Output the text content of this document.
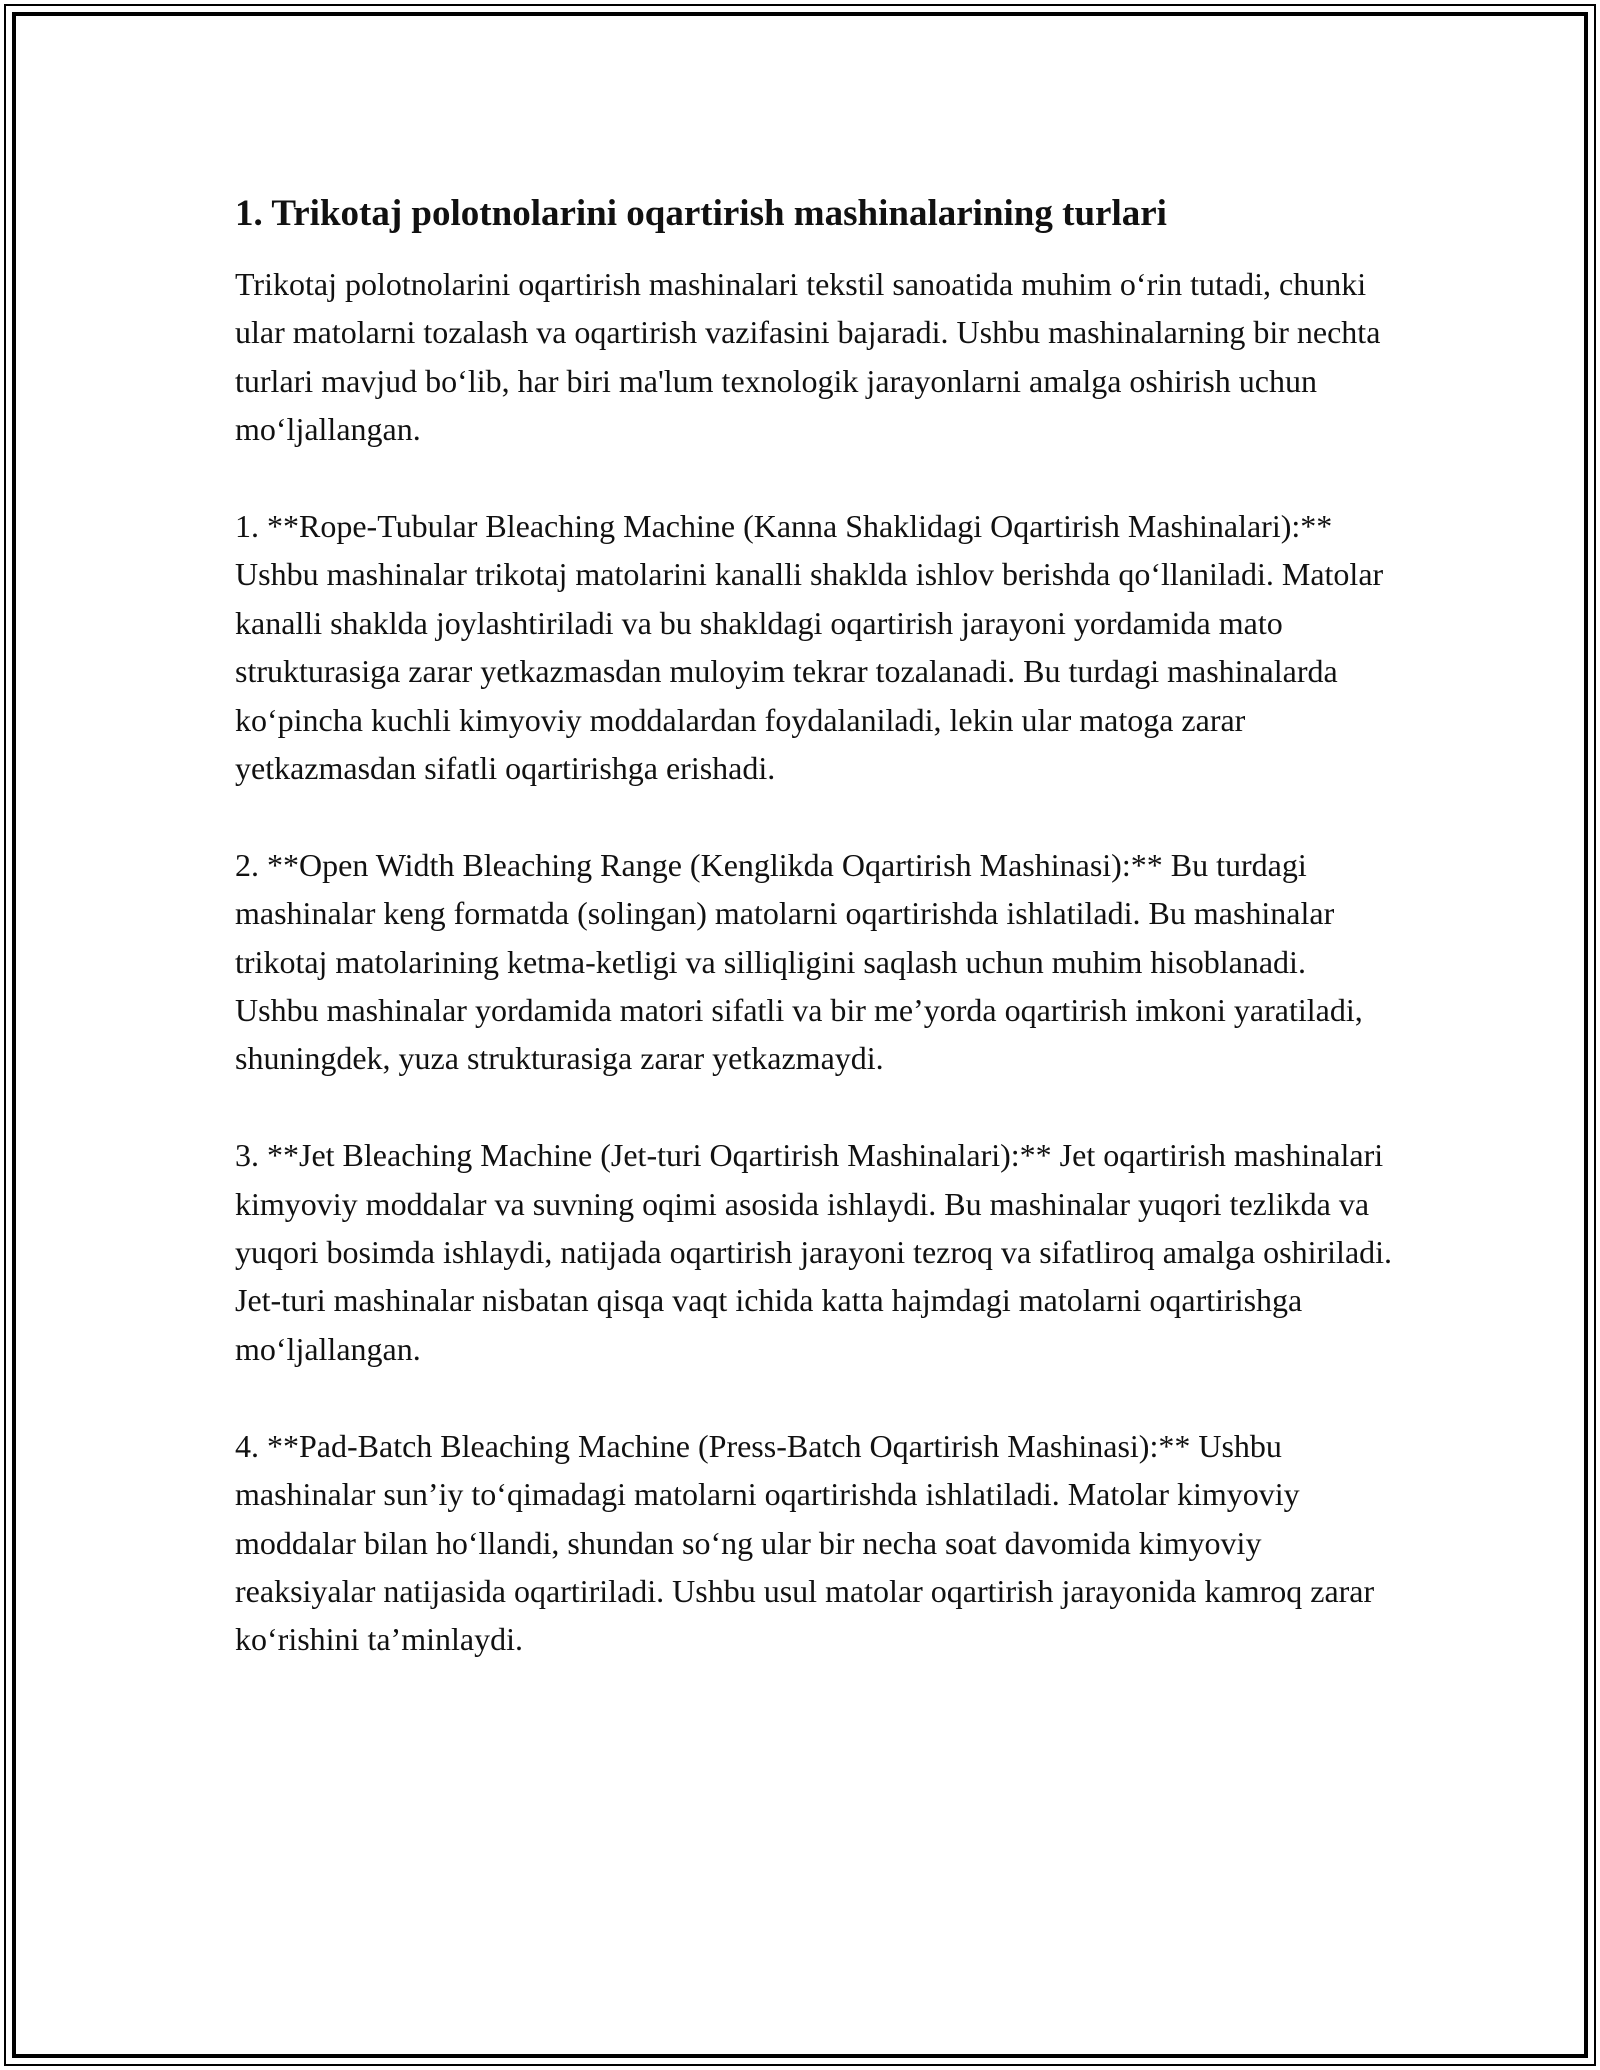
1. Trikotaj polotnolarini oqartirish mashinalarining turlari

Trikotaj polotnolarini oqartirish mashinalari tekstil sanoatida muhim o‘rin tutadi, chunki ular matolarni tozalash va oqartirish vazifasini bajaradi. Ushbu mashinalarning bir nechta turlari mavjud bo‘lib, har biri ma'lum texnologik jarayonlarni amalga oshirish uchun mo‘ljallangan.

1. **Rope-Tubular Bleaching Machine (Kanna Shaklidagi Oqartirish Mashinalari):** Ushbu mashinalar trikotaj matolarini kanalli shaklda ishlov berishda qo‘llaniladi. Matolar kanalli shaklda joylashtiriladi va bu shakldagi oqartirish jarayoni yordamida mato strukturasiga zarar yetkazmasdan muloyim tekrar tozalanadi. Bu turdagi mashinalarda ko‘pincha kuchli kimyoviy moddalardan foydalaniladi, lekin ular matoga zarar yetkazmasdan sifatli oqartirishga erishadi.

2. **Open Width Bleaching Range (Kenglikda Oqartirish Mashinasi):** Bu turdagi mashinalar keng formatda (solingan) matolarni oqartirishda ishlatiladi. Bu mashinalar trikotaj matolarining ketma-ketligi va silliqligini saqlash uchun muhim hisoblanadi. Ushbu mashinalar yordamida matori sifatli va bir me’yorda oqartirish imkoni yaratiladi, shuningdek, yuza strukturasiga zarar yetkazmaydi.

3. **Jet Bleaching Machine (Jet-turi Oqartirish Mashinalari):** Jet oqartirish mashinalari kimyoviy moddalar va suvning oqimi asosida ishlaydi. Bu mashinalar yuqori tezlikda va yuqori bosimda ishlaydi, natijada oqartirish jarayoni tezroq va sifatliroq amalga oshiriladi. Jet-turi mashinalar nisbatan qisqa vaqt ichida katta hajmdagi matolarni oqartirishga mo‘ljallangan.

4. **Pad-Batch Bleaching Machine (Press-Batch Oqartirish Mashinasi):** Ushbu mashinalar sun’iy to‘qimadagi matolarni oqartirishda ishlatiladi. Matolar kimyoviy moddalar bilan ho‘llandi, shundan so‘ng ular bir necha soat davomida kimyoviy reaksiyalar natijasida oqartiriladi. Ushbu usul matolar oqartirish jarayonida kamroq zarar ko‘rishini ta’minlaydi.
